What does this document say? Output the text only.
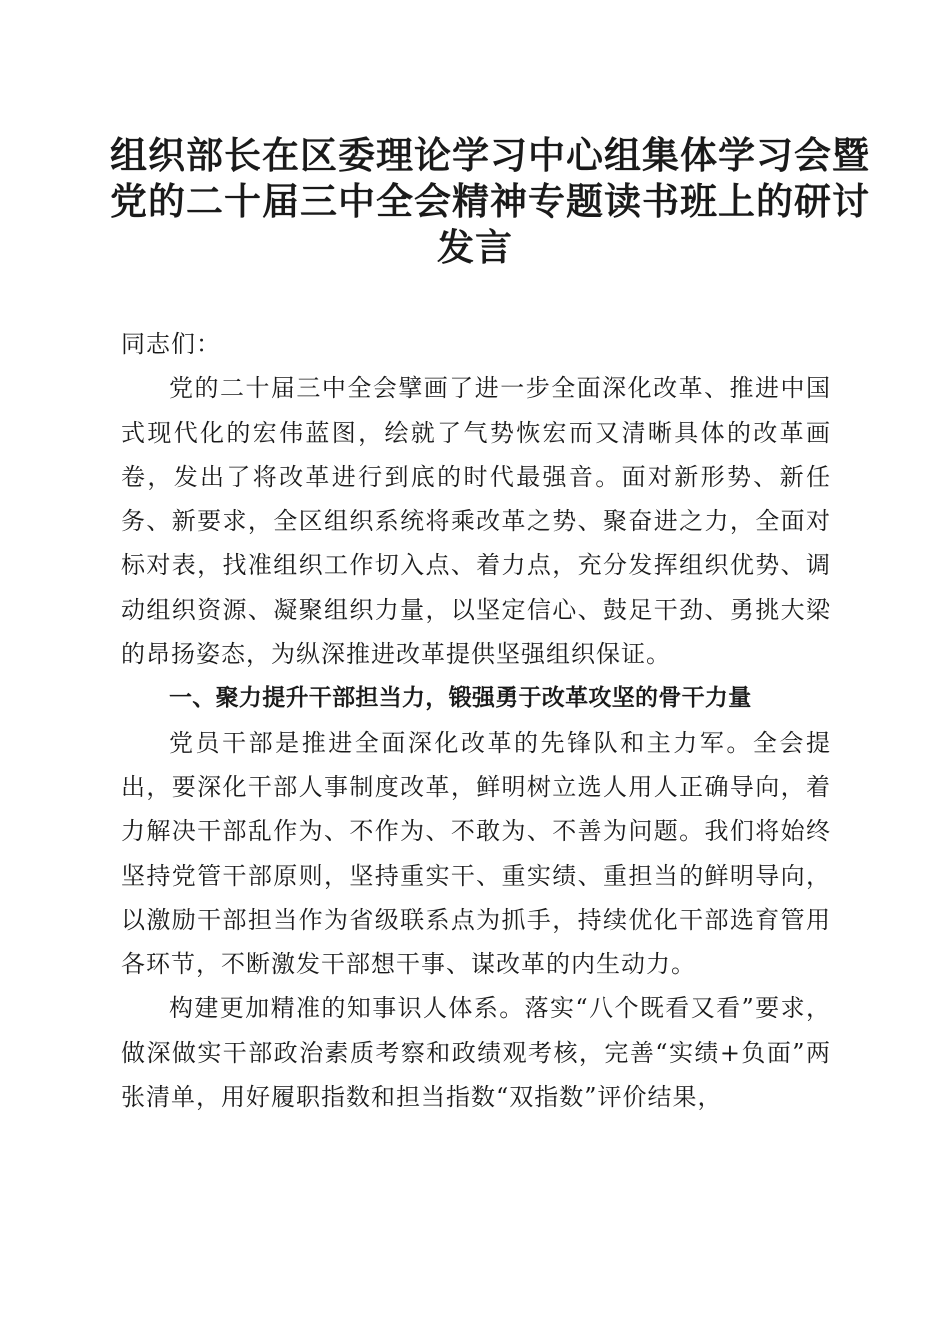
组织部长在区委理论学习中心组集体学习会暨
党的二十届三中全会精神专题读书班上的研讨
发言

同志们：

党的二十届三中全会擘画了进一步全面深化改革、推进中国式现代化的宏伟蓝图，绘就了气势恢宏而又清晰具体的改革画卷，发出了将改革进行到底的时代最强音。面对新形势、新任务、新要求，全区组织系统将乘改革之势、聚奋进之力，全面对标对表，找准组织工作切入点、着力点，充分发挥组织优势、调动组织资源、凝聚组织力量，以坚定信心、鼓足干劲、勇挑大梁的昂扬姿态，为纵深推进改革提供坚强组织保证。

一、聚力提升干部担当力，锻强勇于改革攻坚的骨干力量

党员干部是推进全面深化改革的先锋队和主力军。全会提出，要深化干部人事制度改革，鲜明树立选人用人正确导向，着力解决干部乱作为、不作为、不敢为、不善为问题。我们将始终坚持党管干部原则，坚持重实干、重实绩、重担当的鲜明导向，以激励干部担当作为省级联系点为抓手，持续优化干部选育管用各环节，不断激发干部想干事、谋改革的内生动力。

构建更加精准的知事识人体系。落实“八个既看又看”要求，做深做实干部政治素质考察和政绩观考核，完善“实绩+负面”两张清单，用好履职指数和担当指数“双指数”评价结果，
